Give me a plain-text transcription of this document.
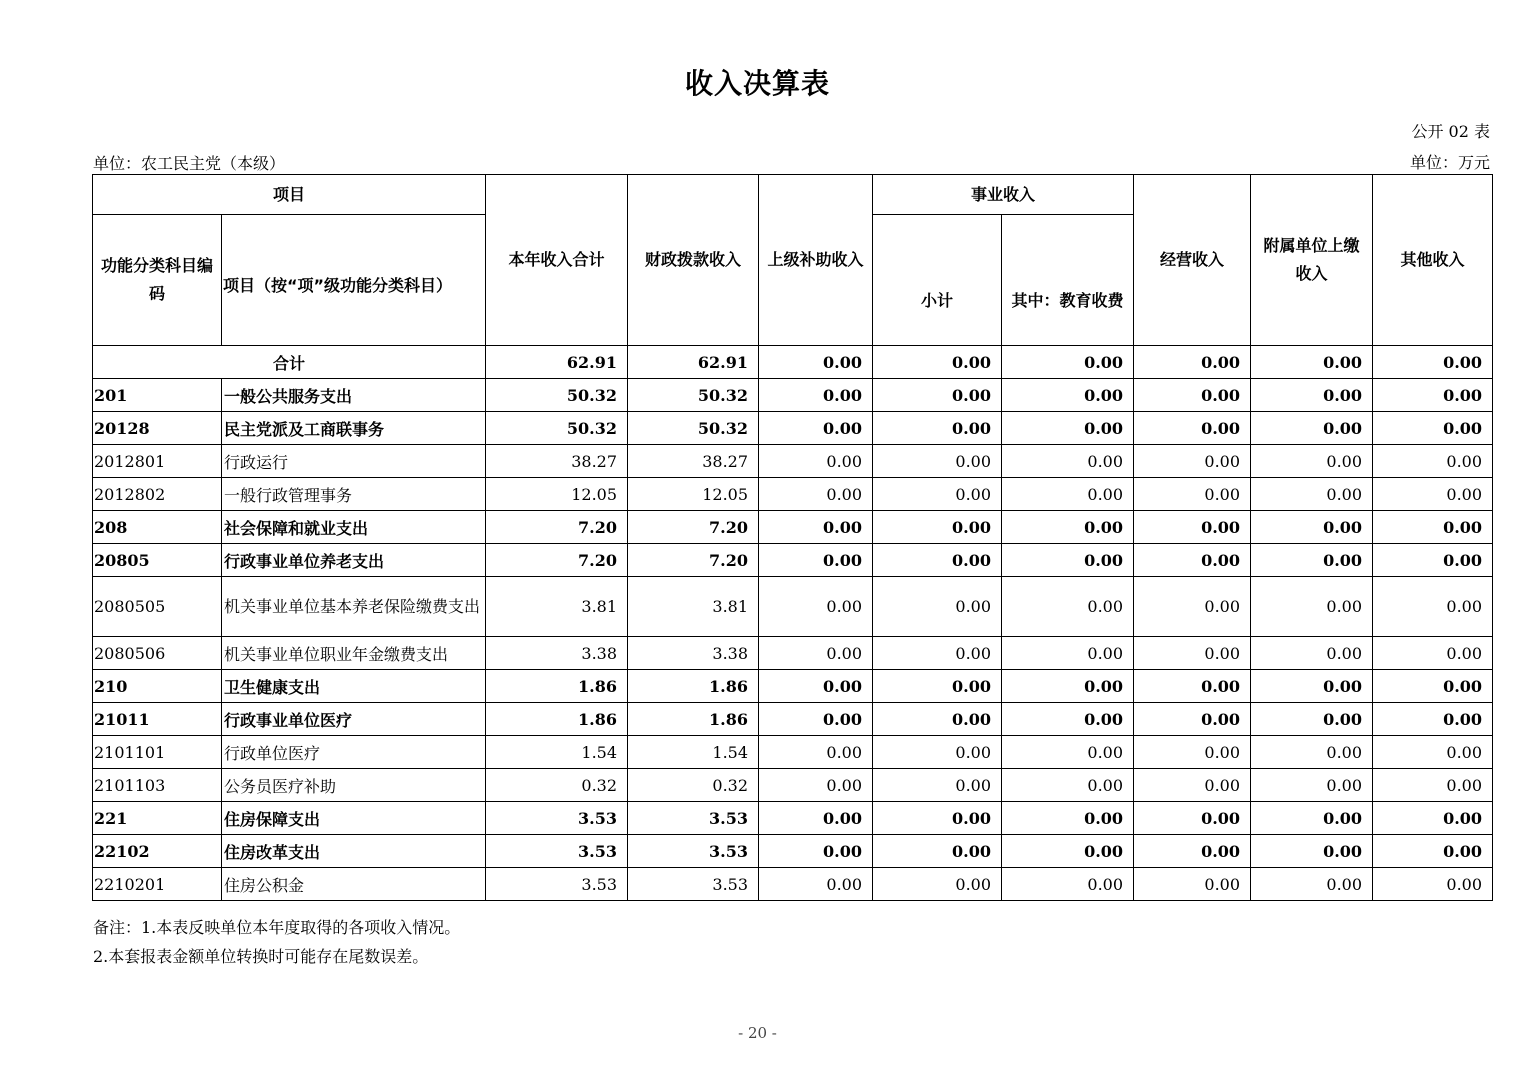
收入决算表
公开 02 表
单位：农工民主党（本级）	单位：万元
项目		本年收入合计	财政拨款收入	上级补助收入	事业收入		经营收入	附属单位上缴收入	其他收入
功能分类科目编码	项目（按“项”级功能分类科目）				小计	其中：教育收费			
合计		62.91	62.91	0.00	0.00	0.00	0.00	0.00	0.00
201	一般公共服务支出	50.32	50.32	0.00	0.00	0.00	0.00	0.00	0.00
20128	民主党派及工商联事务	50.32	50.32	0.00	0.00	0.00	0.00	0.00	0.00
2012801	行政运行	38.27	38.27	0.00	0.00	0.00	0.00	0.00	0.00
2012802	一般行政管理事务	12.05	12.05	0.00	0.00	0.00	0.00	0.00	0.00
208	社会保障和就业支出	7.20	7.20	0.00	0.00	0.00	0.00	0.00	0.00
20805	行政事业单位养老支出	7.20	7.20	0.00	0.00	0.00	0.00	0.00	0.00
2080505	机关事业单位基本养老保险缴费支出	3.81	3.81	0.00	0.00	0.00	0.00	0.00	0.00
2080506	机关事业单位职业年金缴费支出	3.38	3.38	0.00	0.00	0.00	0.00	0.00	0.00
210	卫生健康支出	1.86	1.86	0.00	0.00	0.00	0.00	0.00	0.00
21011	行政事业单位医疗	1.86	1.86	0.00	0.00	0.00	0.00	0.00	0.00
2101101	行政单位医疗	1.54	1.54	0.00	0.00	0.00	0.00	0.00	0.00
2101103	公务员医疗补助	0.32	0.32	0.00	0.00	0.00	0.00	0.00	0.00
221	住房保障支出	3.53	3.53	0.00	0.00	0.00	0.00	0.00	0.00
22102	住房改革支出	3.53	3.53	0.00	0.00	0.00	0.00	0.00	0.00
2210201	住房公积金	3.53	3.53	0.00	0.00	0.00	0.00	0.00	0.00
备注：1.本表反映单位本年度取得的各项收入情况。
2.本套报表金额单位转换时可能存在尾数误差。
- 20 -
